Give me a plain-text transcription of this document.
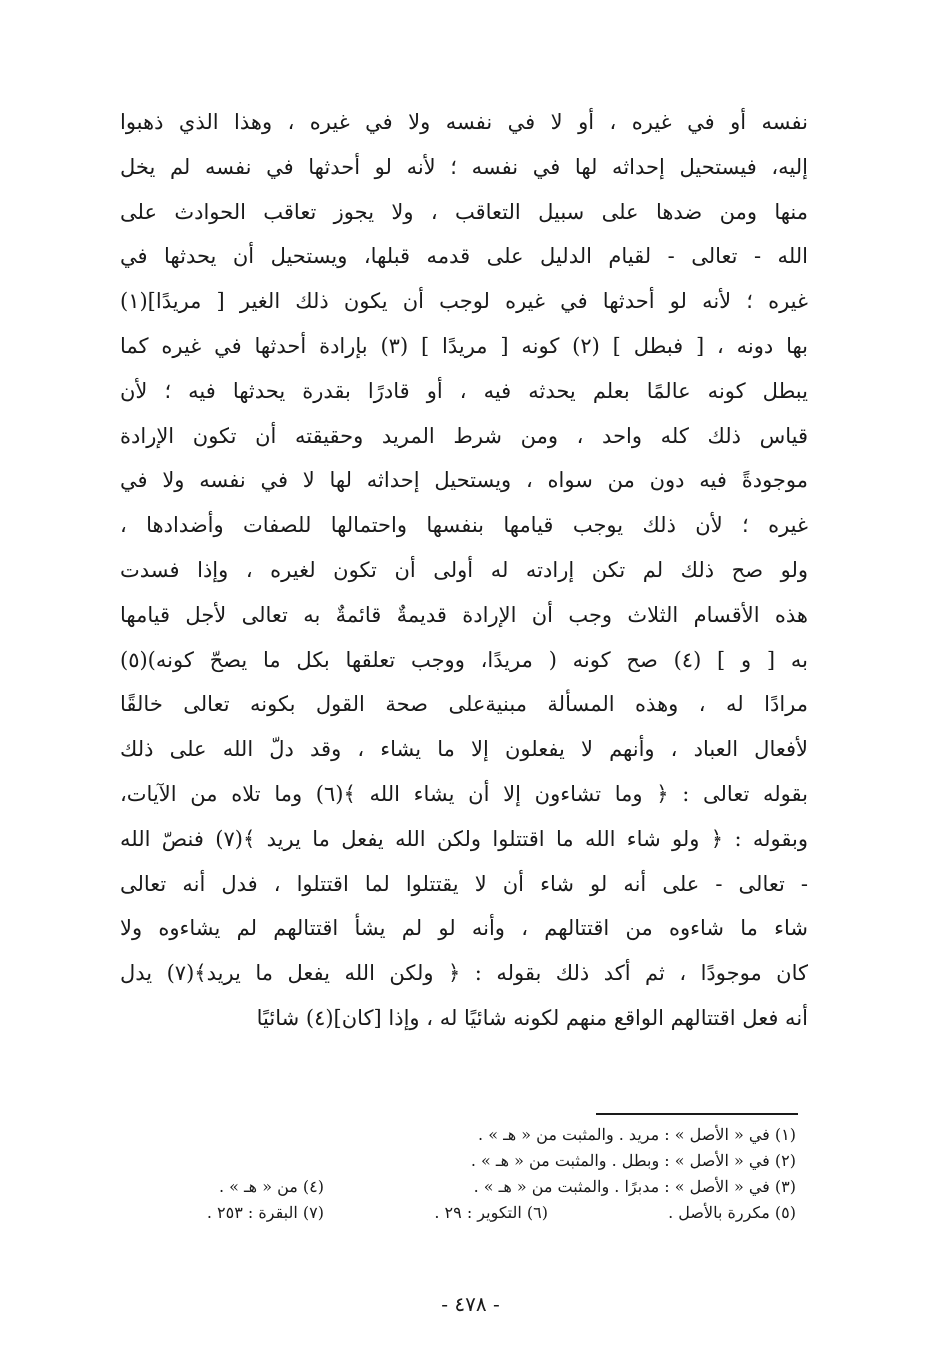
نفسه أو في غيره ، أو لا في نفسه ولا في غيره ، وهذا الذي ذهبوا
إليه، فيستحيل إحداثه لها في نفسه ؛ لأنه لو أحدثها في نفسه لم يخل
منها ومن ضدها على سبيل التعاقب ، ولا يجوز تعاقب الحوادث على
الله - تعالى - لقيام الدليل على قدمه قبلها، ويستحيل أن يحدثها في
غيره ؛ لأنه لو أحدثها في غيره لوجب أن يكون ذلك الغير [ مريدًا](١)
بها دونه ، [ فبطل ] (٢) كونه [ مريدًا ] (٣) بإرادة أحدثها في غيره كما
يبطل كونه عالمًا بعلم يحدثه فيه ، أو قادرًا بقدرة يحدثها فيه ؛ لأن
قياس ذلك كله واحد ، ومن شرط المريد وحقيقته أن تكون الإرادة
موجودةً فيه دون من سواه ، ويستحيل إحداثه لها لا في نفسه ولا في
غيره ؛ لأن ذلك يوجب قيامها بنفسها واحتمالها للصفات وأضدادها ،
ولو صح ذلك لم تكن إرادته له أولى أن تكون لغيره ، وإذا فسدت
هذه الأقسام الثلاث وجب أن الإرادة قديمةٌ قائمةٌ به تعالى لأجل قيامها
به [ و ] (٤) صح كونه ( مريدًا، ووجب تعلقها بكل ما يصحّ كونه)(٥)
مرادًا له ، وهذه المسألة مبنيةعلى صحة القول بكونه تعالى خالقًا
لأفعال العباد ، وأنهم لا يفعلون إلا ما يشاء ، وقد دلّ الله على ذلك
بقوله تعالى : ﴿ وما تشاءون إلا أن يشاء الله ﴾(٦) وما تلاه من الآيات،
وبقوله : ﴿ ولو شاء الله ما اقتتلوا ولكن الله يفعل ما يريد ﴾(٧) فنصّ الله
- تعالى - على أنه لو شاء أن لا يقتتلوا لما اقتتلوا ، فدل أنه تعالى
شاء ما شاءوه من اقتتالهم ، وأنه لو لم يشأ اقتتالهم لم يشاءوه ولا
كان موجودًا ، ثم أكد ذلك بقوله : ﴿ ولكن الله يفعل ما يريد﴾(٧) يدل
أنه فعل اقتتالهم الواقع منهم لكونه شائيًا له ، وإذا [كان](٤) شائيًا
(١) في « الأصل » : مريد . والمثبت من « هـ » .
(٢) في « الأصل » : وبطل . والمثبت من « هـ » .
(٣) في « الأصل » : مدبرًا . والمثبت من « هـ » .
(٤) من « هـ » .
(٥) مكررة بالأصل .
(٦) التكوير : ٢٩ .
(٧) البقرة : ٢٥٣ .
- ٤٧٨ -
